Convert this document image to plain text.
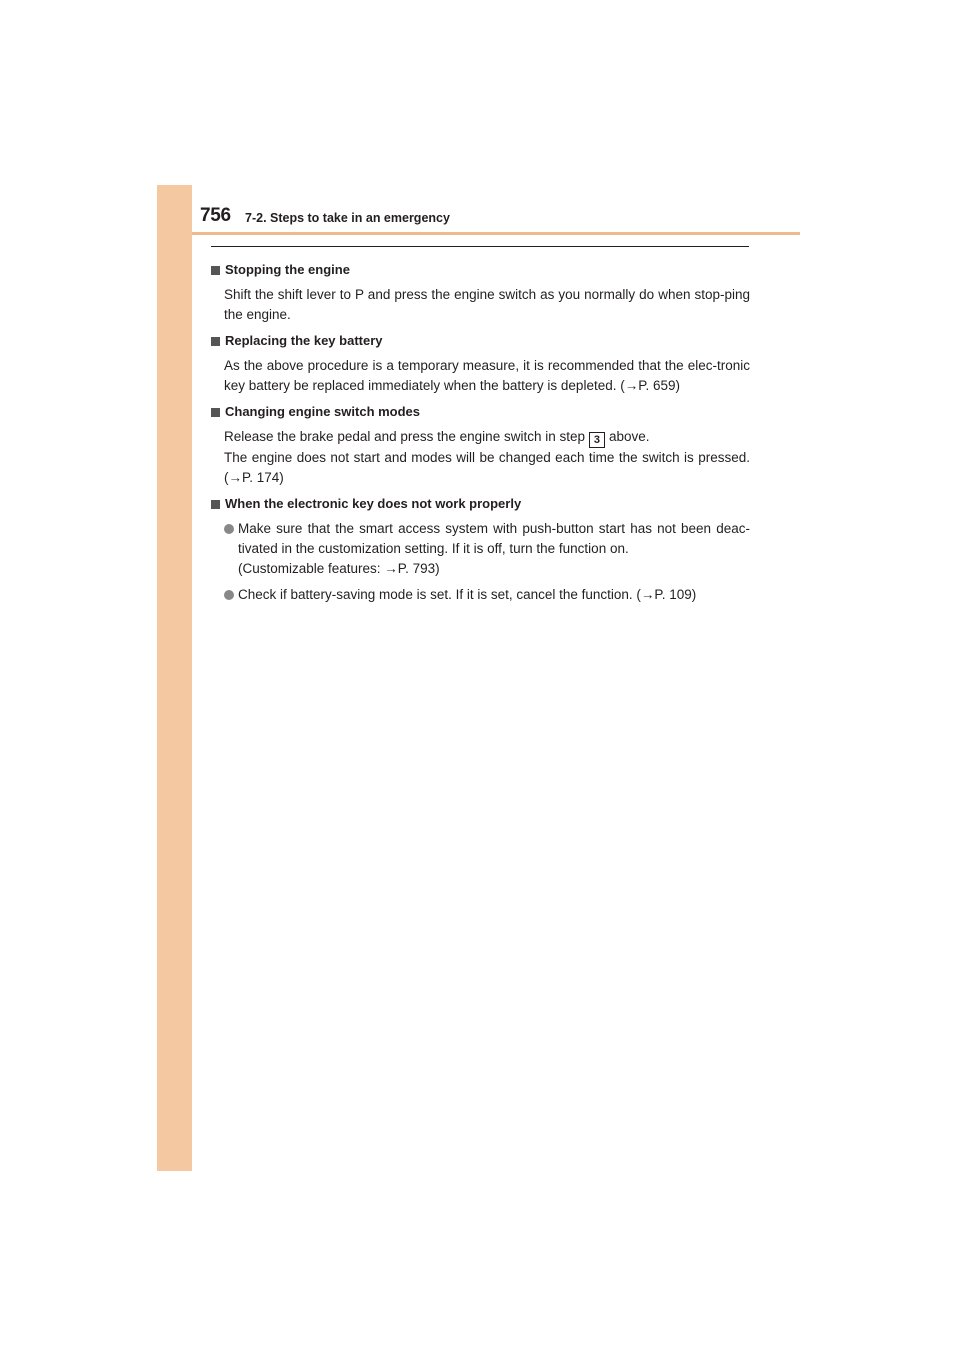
756 7-2. Steps to take in an emergency
Stopping the engine
Shift the shift lever to P and press the engine switch as you normally do when stop-ping the engine.
Replacing the key battery
As the above procedure is a temporary measure, it is recommended that the elec-tronic key battery be replaced immediately when the battery is depleted. (→P. 659)
Changing engine switch modes
Release the brake pedal and press the engine switch in step 3 above.
The engine does not start and modes will be changed each time the switch is pressed.(→P. 174)
When the electronic key does not work properly
Make sure that the smart access system with push-button start has not been deac-tivated in the customization setting. If it is off, turn the function on.
(Customizable features: →P. 793)
Check if battery-saving mode is set. If it is set, cancel the function. (→P. 109)
